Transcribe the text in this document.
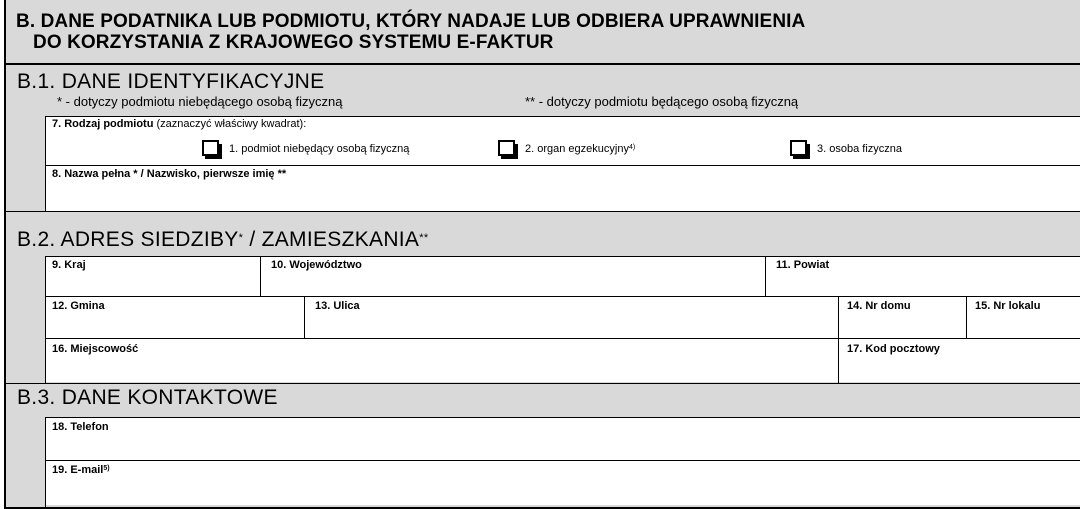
B. DANE PODATNIKA LUB PODMIOTU, KTÓRY NADAJE LUB ODBIERA UPRAWNIENIA
DO KORZYSTANIA Z KRAJOWEGO SYSTEMU E-FAKTUR
B.1. DANE IDENTYFIKACYJNE
* - dotyczy podmiotu niebędącego osobą fizyczną	** - dotyczy podmiotu będącego osobą fizyczną
7. Rodzaj podmiotu (zaznaczyć właściwy kwadrat):
1. podmiot niebędący osobą fizyczną	2. organ egzekucyjny$^{4)}$	3. osoba fizyczna
8. Nazwa pełna * / Nazwisko, pierwsze imię **
B.2. ADRES SIEDZIBY* / ZAMIESZKANIA**
9. Kraj	10. Województwo	11. Powiat
12. Gmina	13. Ulica	14. Nr domu	15. Nr lokalu
16. Miejscowość	17. Kod pocztowy
B.3. DANE KONTAKTOWE
18. Telefon
19. E-mail$^{5)}$
